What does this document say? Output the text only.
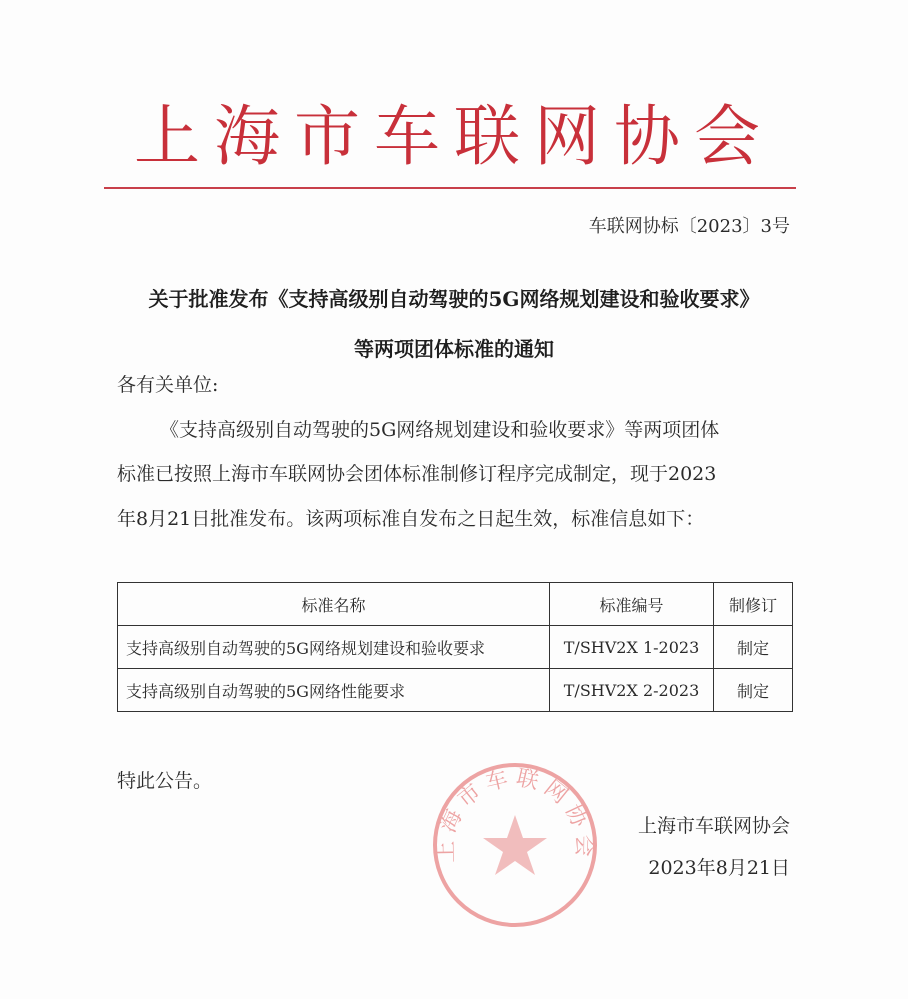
上海市车联网协会
车联网协标〔2023〕3号
关于批准发布《支持高级别自动驾驶的5G网络规划建设和验收要求》
等两项团体标准的通知
各有关单位:
《支持高级别自动驾驶的5G网络规划建设和验收要求》等两项团体
标准已按照上海市车联网协会团体标准制修订程序完成制定，现于2023
年8月21日批准发布。该两项标准自发布之日起生效，标准信息如下：
标准名称	标准编号	制修订
支持高级别自动驾驶的5G网络规划建设和验收要求	T/SHV2X 1-2023	制定
支持高级别自动驾驶的5G网络性能要求	T/SHV2X 2-2023	制定
特此公告。
上海市车联网协会
上海市车联网协会
2023年8月21日
